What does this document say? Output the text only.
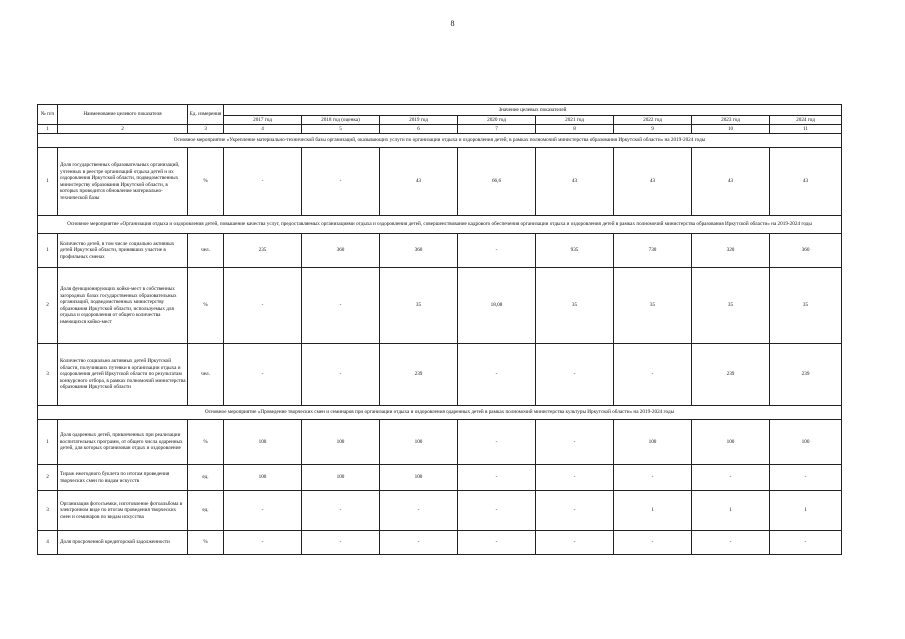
8
№ п/п	Наименование целевого показателя	Ед. измерения	Значение целевых показателей							
			2017 год	2018 год (оценка)	2019 год	2020 год	2021 год	2022 год	2023 год	2024 год
1	2	3	4	5	6	7	8	9	10	11
Основное мероприятие «Укрепление материально-технической базы организаций, оказывающих услуги по организации отдыха и оздоровления детей, в рамках полномочий министерства образования Иркутской области» на 2019-2024 годы										
1	Доля государственных образовательных организаций, учтенных в реестре организаций отдыха детей и их оздоровления Иркутской области, подведомственных министерству образования Иркутской области, в которых проводится обновление материально-технической базы	%	-	-	43	66,6	43	43	43	43
Основное мероприятие «Организация отдыха и оздоровления детей, повышение качества услуг, предоставляемых организациями отдыха и оздоровления детей, совершенствование кадрового обеспечения организации отдыха и оздоровления детей в рамках полномочий министерства образования Иркутской области» на 2019-2024 годы										
1	Количество детей, в том числе социально активных детей Иркутской области, принявших участие в профильных сменах	чел.	235	360	360	-	935	730	320	360
2	Доля функционирующих койко-мест в собственных загородных базах государственных образовательных организаций, подведомственных министерству образования Иркутской области, используемых для отдыха и оздоровления от общего количества имеющихся койко-мест	%	-	-	35	18,08	35	35	35	35
3	Количество социально активных детей Иркутской области, получивших путевки в организации отдыха и оздоровления детей Иркутской области по результатам конкурсного отбора, в рамках полномочий министерства образования Иркутской области	чел.	-	-	239	-	-	-	239	239
Основное мероприятие «Проведение творческих смен и семинаров при организации отдыха и оздоровления одаренных детей в рамках полномочий министерства культуры Иркутской области» на 2019-2024 годы										
1	Доля одаренных детей, привлеченных при реализации воспитательных программ, от общего числа одаренных детей, для которых организован отдых и оздоровление	%	100	100	100	-	-	100	100	100
2	Тираж ежегодного буклета по итогам проведения творческих смен по видам искусств	ед.	100	100	100	-	-	-	-	-
3	Организация фотосъемки, изготовление фотоальбома в электронном виде по итогам проведения творческих смен и семинаров по видам искусства	ед.	-	-	-	-	-	1	1	1
4	Доля просроченной кредиторской задолженности	%	-	-	-	-	-	-	-	-
